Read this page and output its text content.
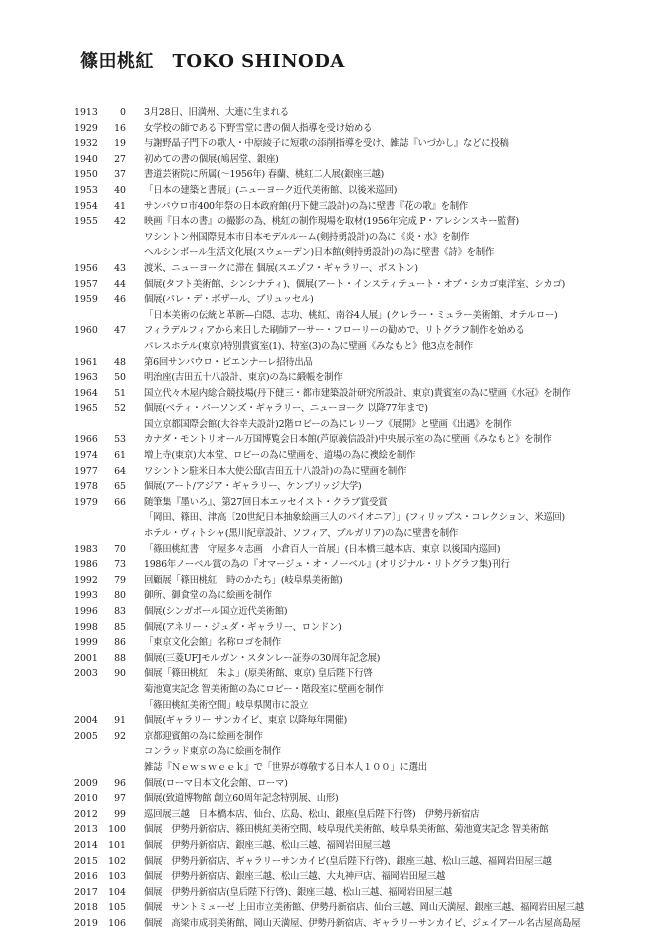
篠田桃紅　TOKO SHINODA
1913	0 3月28日、旧満州、大連に生まれる
1929	16 女学校の師である下野雪堂に書の個人指導を受け始める
1932	19 与謝野晶子門下の歌人・中原綾子に短歌の添削指導を受け、雑誌『いづかし』などに投稿
1940	27 初めての書の個展(鳩居堂、銀座)
1950	37 書道芸術院に所属(〜1956年) 春蘭、桃紅二人展(銀座三越)
1953	40 「日本の建築と書展」(ニューヨーク近代美術館、以後米巡回)
1954	41 サンパウロ市400年祭の日本政府館(丹下健三設計)の為に壁書『花の歌』を制作
1955	42 映画『日本の書』の撮影の為、桃紅の制作現場を取材(1956年完成 P・アレシンスキー監督)
ワシントン州国際見本市日本モデルルーム(剣持勇設計)の為に《炎・水》を制作
ヘルシンボール生活文化展(スウェーデン)日本館(剣持勇設計)の為に壁書《詩》を制作
1956	43 渡米、ニューヨークに滞在 個展(スエゾフ・ギャラリー、ボストン)
1957	44 個展(タフト美術館、シンシナティ)、個展(アート・インスティテュート・オブ・シカゴ東洋室、シカゴ)
1959	46 個展(パレ・デ・ボザール、ブリュッセル)
「日本美術の伝統と革新―白隠、志功、桃紅、南谷4人展」(クレラー・ミュラー美術館、オテルロー)
1960	47 フィラデルフィアから来日した刷師アーサー・フローリーの勧めで、リトグラフ制作を始める
パレスホテル(東京)特別貴賓室(1)、特室(3)の為に壁画《みなもと》他3点を制作
1961	48 第6回サンパウロ・ビエンナーレ招待出品
1963	50 明治座(吉田五十八設計、東京)の為に緞帳を制作
1964	51 国立代々木屋内総合競技場(丹下健三・都市建築設計研究所設計、東京)貴賓室の為に壁画《水冠》を制作
1965	52 個展(ベティ・パーソンズ・ギャラリー、ニューヨーク 以降77年まで)
国立京都国際会館(大谷幸夫設計)2階ロビーの為にレリーフ《展開》と壁画《出遇》を制作
1966	53 カナダ・モントリオール万国博覧会日本館(芦原義信設計)中央展示室の為に壁画《みなもと》を制作
1974	61 増上寺(東京)大本堂、ロビーの為に壁画を、道場の為に襖絵を制作
1977	64 ワシントン駐米日本大使公邸(吉田五十八設計)の為に壁画を制作
1978	65 個展(アート/アジア・ギャラリー、ケンブリッジ大学)
1979	66 随筆集『墨いろ』、第27回日本エッセイスト・クラブ賞受賞
「岡田、篠田、津高〔20世紀日本抽象絵画三人のパイオニア〕」(フィリップス・コレクション、米巡回)
ホテル・ヴィトシャ(黒川紀章設計、ソフィア、ブルガリア)の為に壁書を制作
1983	70 「篠田桃紅書　守屋多々志画　小倉百人一首展」(日本橋三越本店、東京 以後国内巡回)
1986	73 1986年ノーベル賞の為の『オマージュ・オ・ノーベル』(オリジナル・リトグラフ集)刊行
1992	79 回顧展「篠田桃紅　時のかたち」(岐阜県美術館)
1993	80 御所、御食堂の為に絵画を制作
1996	83 個展(シンガポール国立近代美術館)
1998	85 個展(アネリー・ジュダ・ギャラリー、ロンドン)
1999	86 「東京文化会館」名称ロゴを制作
2001	88 個展(三菱UFJモルガン・スタンレー証券の30周年記念展)
2003	90 個展「篠田桃紅　朱よ」(原美術館、東京) 皇后陛下行啓
菊池寛実記念 智美術館の為にロビー・階段室に壁画を制作
「篠田桃紅美術空間」岐阜県関市に設立
2004	91 個展(ギャラリー サンカイビ、東京 以降毎年開催)
2005	92 京都迎賓館の為に絵画を制作
コンラッド東京の為に絵画を制作
雑誌『Ｎｅｗｓｗｅｅｋ』で「世界が尊敬する日本人１００」に選出
2009	96 個展(ローマ日本文化会館、ローマ)
2010	97 個展(致道博物館 創立60周年記念特別展、山形)
2012	99 巡回展三越　日本橋本店、仙台、広島、松山、銀座(皇后陛下行啓)　伊勢丹新宿店
2013	100 個展　伊勢丹新宿店、篠田桃紅美術空間、岐阜現代美術館、岐阜県美術館、菊池寛実記念 智美術館
2014	101 個展　伊勢丹新宿店、銀座三越、松山三越、福岡岩田屋三越
2015	102 個展　伊勢丹新宿店、ギャラリーサンカイビ(皇后陛下行啓)、銀座三越、松山三越、福岡岩田屋三越
2016	103 個展　伊勢丹新宿店、銀座三越、松山三越、大丸神戸店、福岡岩田屋三越
2017	104 個展　伊勢丹新宿店(皇后陛下行啓)、銀座三越、松山三越、福岡岩田屋三越
2018	105 個展　サントミューゼ 上田市立美術館、伊勢丹新宿店、仙台三越、岡山天満屋、銀座三越、福岡岩田屋三越
2019	106 個展　高梁市成羽美術館、岡山天満屋、伊勢丹新宿店、ギャラリーサンカイビ、ジェイアール名古屋高島屋
